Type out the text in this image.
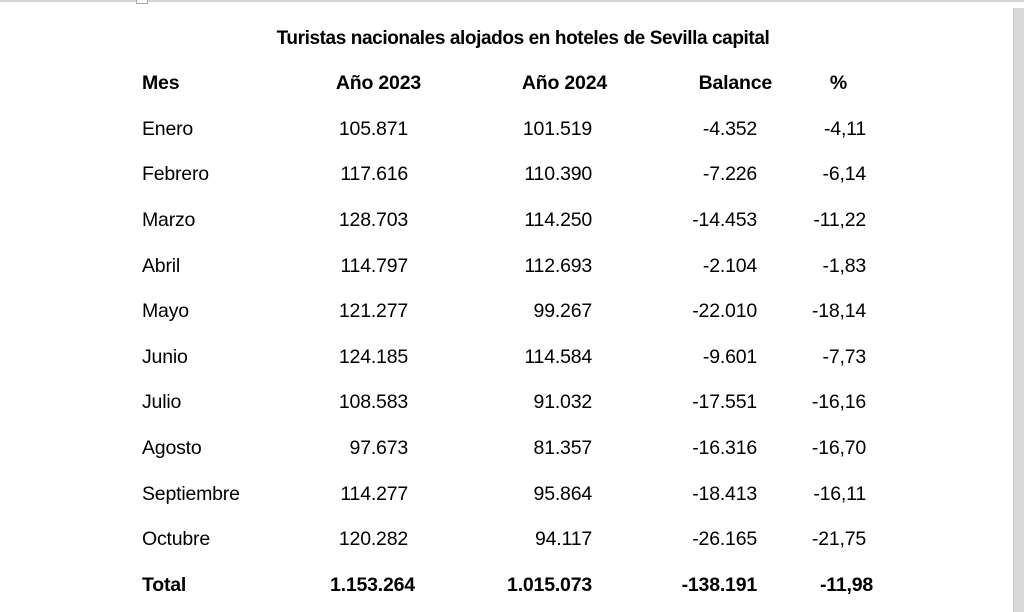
Turistas nacionales alojados en hoteles de Sevilla capital
Mes	Año 2023	Año 2024	Balance	%
Enero	105.871	101.519	-4.352	-4,11
Febrero	117.616	110.390	-7.226	-6,14
Marzo	128.703	114.250	-14.453	-11,22
Abril	114.797	112.693	-2.104	-1,83
Mayo	121.277	99.267	-22.010	-18,14
Junio	124.185	114.584	-9.601	-7,73
Julio	108.583	91.032	-17.551	-16,16
Agosto	97.673	81.357	-16.316	-16,70
Septiembre	114.277	95.864	-18.413	-16,11
Octubre	120.282	94.117	-26.165	-21,75
Total	1.153.264	1.015.073	-138.191	-11,98
